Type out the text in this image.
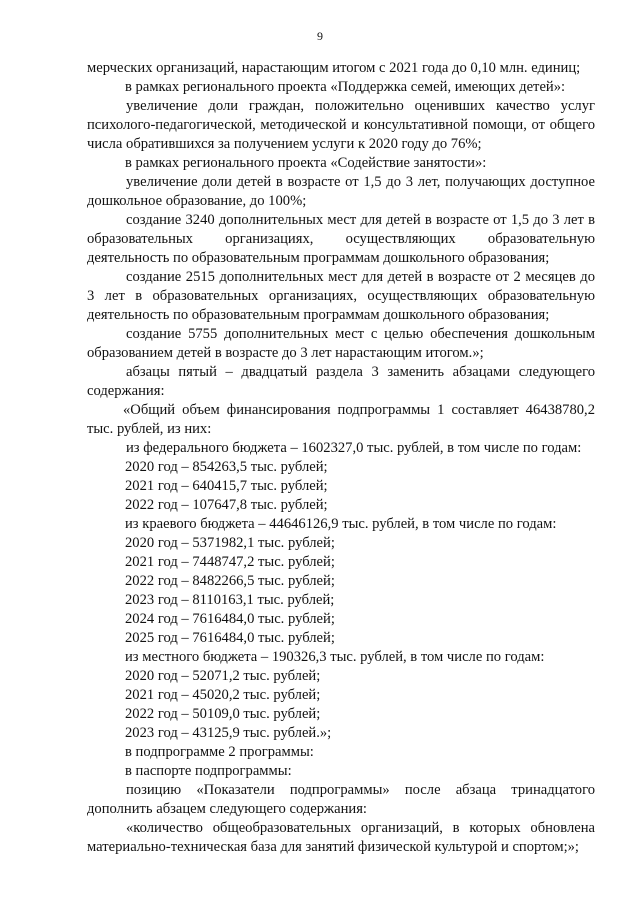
9

мерческих организаций, нарастающим итогом с 2021 года до 0,10 млн. единиц;

в рамках регионального проекта «Поддержка семей, имеющих детей»:

увеличение доли граждан, положительно оценивших качество услуг психолого-педагогической, методической и консультативной помощи, от общего числа обратившихся за получением услуги к 2020 году до 76%;

в рамках регионального проекта «Содействие занятости»:

увеличение доли детей в возрасте от 1,5 до 3 лет, получающих доступное дошкольное образование, до 100%;

создание 3240 дополнительных мест для детей в возрасте от 1,5 до 3 лет в образовательных организациях, осуществляющих образовательную деятельность по образовательным программам дошкольного образования;

создание 2515 дополнительных мест для детей в возрасте от 2 месяцев до 3 лет в образовательных организациях, осуществляющих образовательную деятельность по образовательным программам дошкольного образования;

создание 5755 дополнительных мест с целью обеспечения дошкольным образованием детей в возрасте до 3 лет нарастающим итогом.»;

абзацы пятый – двадцатый раздела 3 заменить абзацами следующего содержания:

«Общий объем финансирования подпрограммы 1 составляет 46438780,2 тыс. рублей, из них:

из федерального бюджета – 1602327,0 тыс. рублей, в том числе по годам:

2020 год – 854263,5 тыс. рублей;

2021 год – 640415,7 тыс. рублей;

2022 год – 107647,8 тыс. рублей;

из краевого бюджета – 44646126,9 тыс. рублей, в том числе по годам:

2020 год – 5371982,1 тыс. рублей;

2021 год – 7448747,2 тыс. рублей;

2022 год – 8482266,5 тыс. рублей;

2023 год – 8110163,1 тыс. рублей;

2024 год – 7616484,0 тыс. рублей;

2025 год – 7616484,0 тыс. рублей;

из местного бюджета – 190326,3 тыс. рублей, в том числе по годам:

2020 год – 52071,2 тыс. рублей;

2021 год – 45020,2 тыс. рублей;

2022 год – 50109,0 тыс. рублей;

2023 год – 43125,9 тыс. рублей.»;

в подпрограмме 2 программы:

в паспорте подпрограммы:

позицию «Показатели подпрограммы» после абзаца тринадцатого дополнить абзацем следующего содержания:

«количество общеобразовательных организаций, в которых обновлена материально-техническая база для занятий физической культурой и спортом;»;
